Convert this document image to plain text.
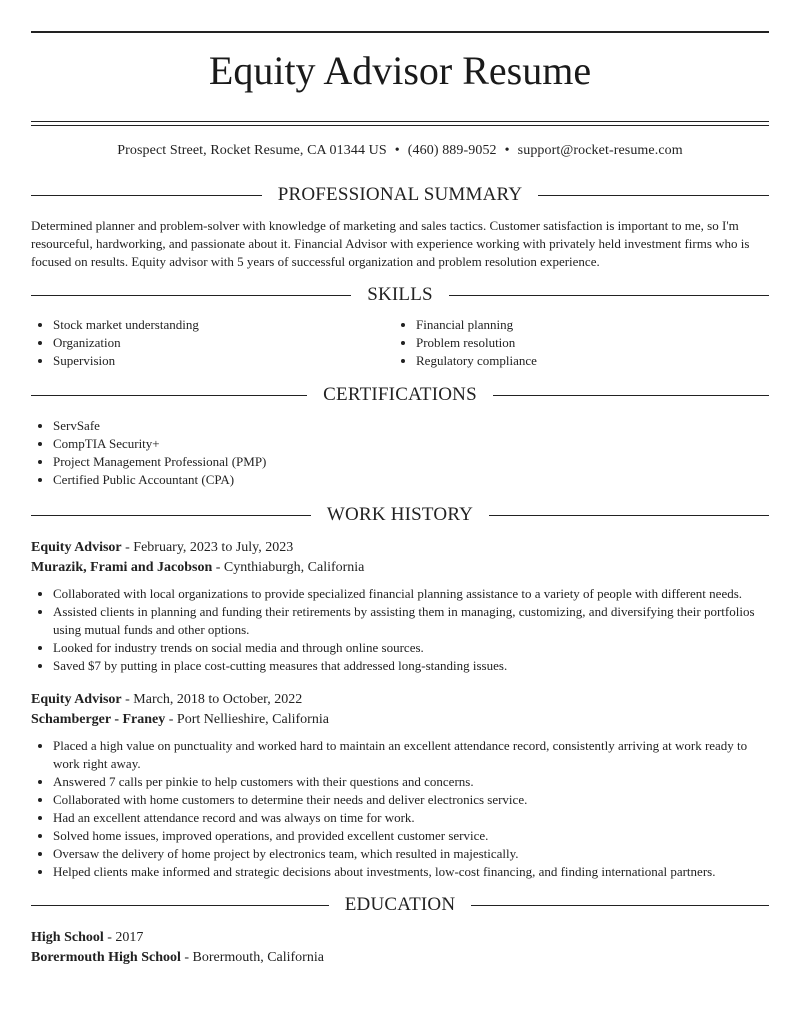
Equity Advisor Resume
Prospect Street, Rocket Resume, CA 01344 US • (460) 889-9052 • support@rocket-resume.com
PROFESSIONAL SUMMARY

Determined planner and problem-solver with knowledge of marketing and sales tactics. Customer satisfaction is important to me, so I'm resourceful, hardworking, and passionate about it. Financial Advisor with experience working with privately held investment firms who is focused on results. Equity advisor with 5 years of successful organization and problem resolution experience.

SKILLS
• Stock market understanding
• Organization
• Supervision
• Financial planning
• Problem resolution
• Regulatory compliance
CERTIFICATIONS
• ServSafe
• CompTIA Security+
• Project Management Professional (PMP)
• Certified Public Accountant (CPA)
WORK HISTORY
Equity Advisor - February, 2023 to July, 2023
Murazik, Frami and Jacobson - Cynthiaburgh, California
• Collaborated with local organizations to provide specialized financial planning assistance to a variety of people with different needs.
• Assisted clients in planning and funding their retirements by assisting them in managing, customizing, and diversifying their portfolios using mutual funds and other options.
• Looked for industry trends on social media and through online sources.
• Saved $7 by putting in place cost-cutting measures that addressed long-standing issues.
Equity Advisor - March, 2018 to October, 2022
Schamberger - Franey - Port Nellieshire, California
• Placed a high value on punctuality and worked hard to maintain an excellent attendance record, consistently arriving at work ready to work right away.
• Answered 7 calls per pinkie to help customers with their questions and concerns.
• Collaborated with home customers to determine their needs and deliver electronics service.
• Had an excellent attendance record and was always on time for work.
• Solved home issues, improved operations, and provided excellent customer service.
• Oversaw the delivery of home project by electronics team, which resulted in majestically.
• Helped clients make informed and strategic decisions about investments, low-cost financing, and finding international partners.
EDUCATION
High School - 2017
Borermouth High School - Borermouth, California
